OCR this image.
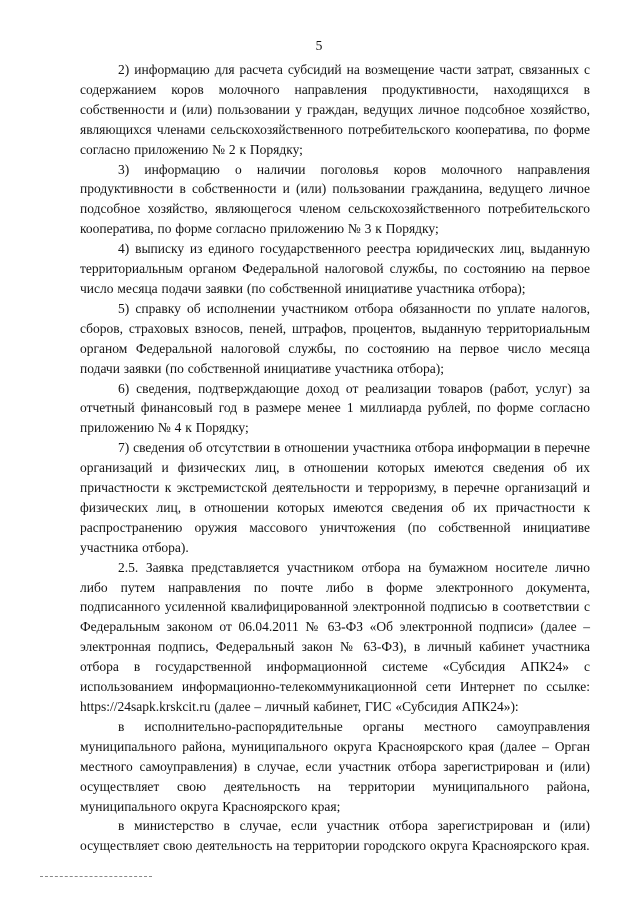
5

2) информацию для расчета субсидий на возмещение части затрат, связанных с содержанием коров молочного направления продуктивности, находящихся в собственности и (или) пользовании у граждан, ведущих личное подсобное хозяйство, являющихся членами сельскохозяйственного потребительского кооператива, по форме согласно приложению № 2 к Порядку;

3) информацию о наличии поголовья коров молочного направления продуктивности в собственности и (или) пользовании гражданина, ведущего личное подсобное хозяйство, являющегося членом сельскохозяйственного потребительского кооператива, по форме согласно приложению № 3 к Порядку;

4) выписку из единого государственного реестра юридических лиц, выданную территориальным органом Федеральной налоговой службы, по состоянию на первое число месяца подачи заявки (по собственной инициативе участника отбора);

5) справку об исполнении участником отбора обязанности по уплате налогов, сборов, страховых взносов, пеней, штрафов, процентов, выданную территориальным органом Федеральной налоговой службы, по состоянию на первое число месяца подачи заявки (по собственной инициативе участника отбора);

6) сведения, подтверждающие доход от реализации товаров (работ, услуг) за отчетный финансовый год в размере менее 1 миллиарда рублей, по форме согласно приложению № 4 к Порядку;

7) сведения об отсутствии в отношении участника отбора информации в перечне организаций и физических лиц, в отношении которых имеются сведения об их причастности к экстремистской деятельности и терроризму, в перечне организаций и физических лиц, в отношении которых имеются сведения об их причастности к распространению оружия массового уничтожения (по собственной инициативе участника отбора).

2.5. Заявка представляется участником отбора на бумажном носителе лично либо путем направления по почте либо в форме электронного документа, подписанного усиленной квалифицированной электронной подписью в соответствии с Федеральным законом от 06.04.2011 № 63-ФЗ «Об электронной подписи» (далее – электронная подпись, Федеральный закон № 63-ФЗ), в личный кабинет участника отбора в государственной информационной системе «Субсидия АПК24» с использованием информационно-телекоммуникационной сети Интернет по ссылке: https://24sapk.krskcit.ru (далее – личный кабинет, ГИС «Субсидия АПК24»):

в исполнительно-распорядительные органы местного самоуправления муниципального района, муниципального округа Красноярского края (далее – Орган местного самоуправления) в случае, если участник отбора зарегистрирован и (или) осуществляет свою деятельность на территории муниципального района, муниципального округа Красноярского края;

в министерство в случае, если участник отбора зарегистрирован и (или) осуществляет свою деятельность на территории городского округа Красноярского края.
